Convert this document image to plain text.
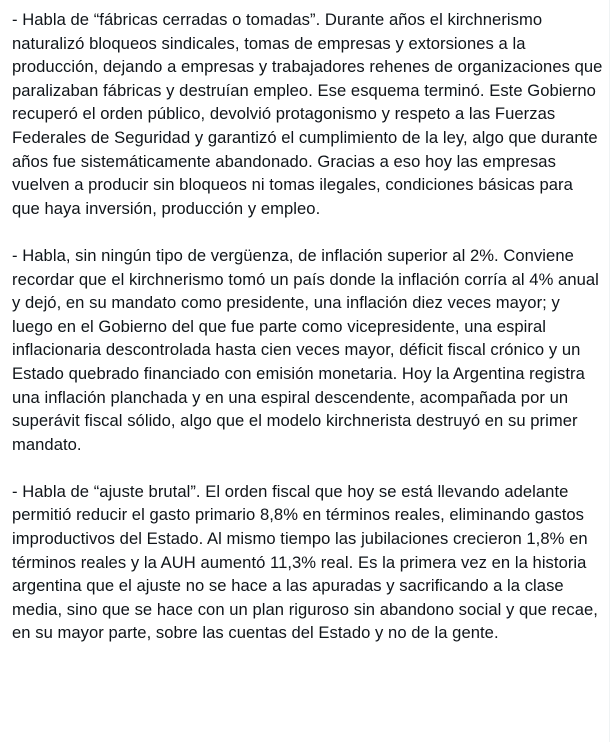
- Habla de “fábricas cerradas o tomadas”. Durante años el kirchnerismo naturalizó bloqueos sindicales, tomas de empresas y extorsiones a la producción, dejando a empresas y trabajadores rehenes de organizaciones que paralizaban fábricas y destruían empleo. Ese esquema terminó. Este Gobierno recuperó el orden público, devolvió protagonismo y respeto a las Fuerzas Federales de Seguridad y garantizó el cumplimiento de la ley, algo que durante años fue sistemáticamente abandonado. Gracias a eso hoy las empresas vuelven a producir sin bloqueos ni tomas ilegales, condiciones básicas para que haya inversión, producción y empleo.

- Habla, sin ningún tipo de vergüenza, de inflación superior al 2%. Conviene recordar que el kirchnerismo tomó un país donde la inflación corría al 4% anual y dejó, en su mandato como presidente, una inflación diez veces mayor; y luego en el Gobierno del que fue parte como vicepresidente, una espiral inflacionaria descontrolada hasta cien veces mayor, déficit fiscal crónico y un Estado quebrado financiado con emisión monetaria. Hoy la Argentina registra una inflación planchada y en una espiral descendente, acompañada por un superávit fiscal sólido, algo que el modelo kirchnerista destruyó en su primer mandato.

- Habla de “ajuste brutal”. El orden fiscal que hoy se está llevando adelante permitió reducir el gasto primario 8,8% en términos reales, eliminando gastos improductivos del Estado. Al mismo tiempo las jubilaciones crecieron 1,8% en términos reales y la AUH aumentó 11,3% real. Es la primera vez en la historia argentina que el ajuste no se hace a las apuradas y sacrificando a la clase media, sino que se hace con un plan riguroso sin abandono social y que recae, en su mayor parte, sobre las cuentas del Estado y no de la gente.
